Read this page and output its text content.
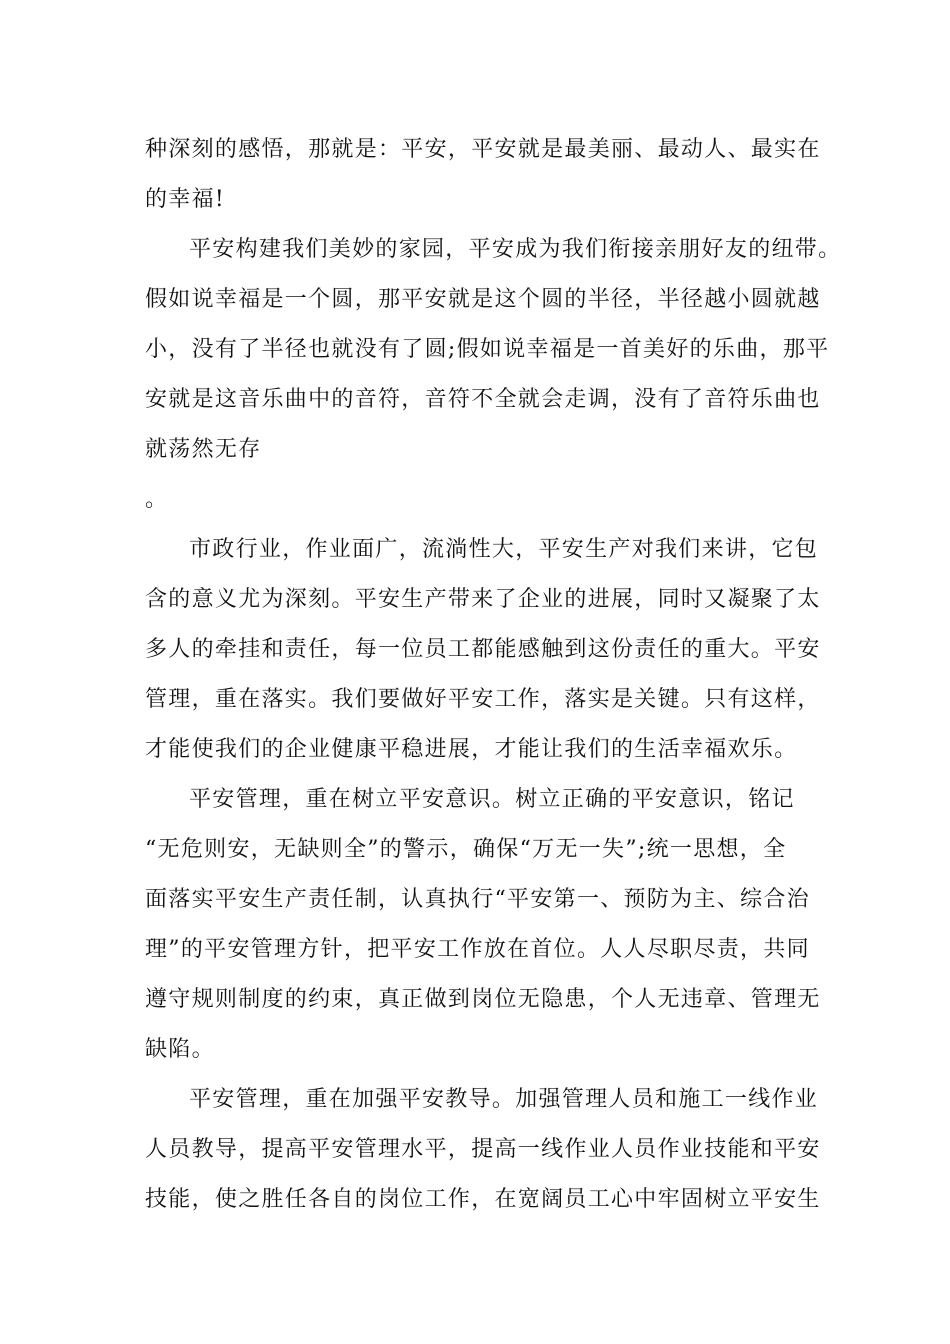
种深刻的感悟，那就是：平安，平安就是最美丽、最动人、最实在

的幸福!

平安构建我们美妙的家园，平安成为我们衔接亲朋好友的纽带。

假如说幸福是一个圆，那平安就是这个圆的半径，半径越小圆就越

小，没有了半径也就没有了圆;假如说幸福是一首美好的乐曲，那平

安就是这音乐曲中的音符，音符不全就会走调，没有了音符乐曲也

就荡然无存

。

市政行业，作业面广，流淌性大，平安生产对我们来讲，它包

含的意义尤为深刻。平安生产带来了企业的进展，同时又凝聚了太

多人的牵挂和责任，每一位员工都能感触到这份责任的重大。平安

管理，重在落实。我们要做好平安工作，落实是关键。只有这样，

才能使我们的企业健康平稳进展，才能让我们的生活幸福欢乐。

平安管理，重在树立平安意识。树立正确的平安意识，铭记

“无危则安，无缺则全”的警示，确保“万无一失”;统一思想，全

面落实平安生产责任制，认真执行“平安第一、预防为主、综合治

理”的平安管理方针，把平安工作放在首位。人人尽职尽责，共同

遵守规则制度的约束，真正做到岗位无隐患，个人无违章、管理无

缺陷。

平安管理，重在加强平安教导。加强管理人员和施工一线作业

人员教导，提高平安管理水平，提高一线作业人员作业技能和平安

技能，使之胜任各自的岗位工作，在宽阔员工心中牢固树立平安生
